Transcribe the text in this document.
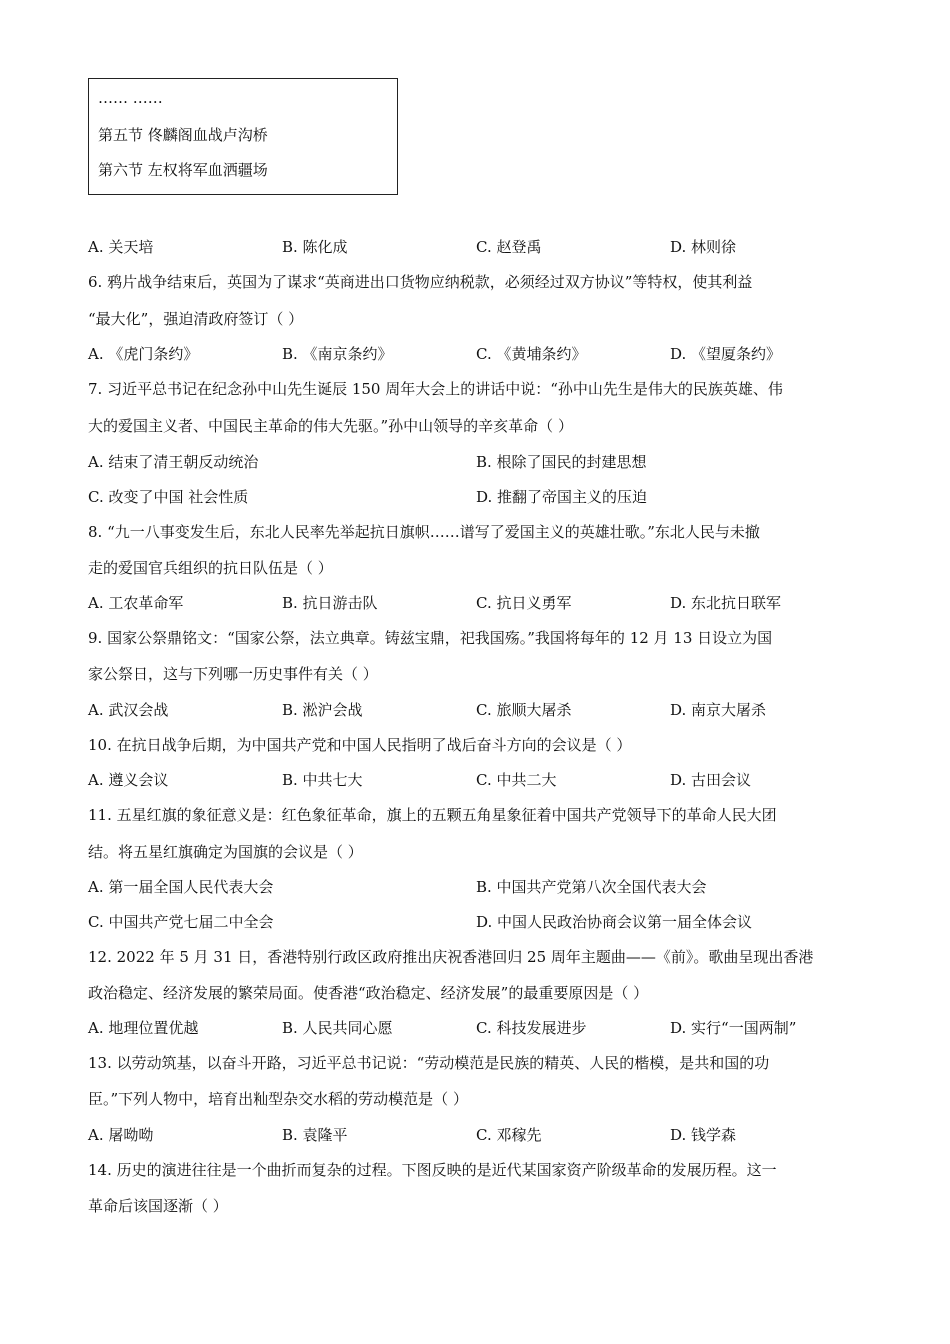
…… ……
第五节 佟麟阁血战卢沟桥
第六节 左权将军血洒疆场
A. 关天培	B. 陈化成	C. 赵登禹	D. 林则徐
6. 鸦片战争结束后，英国为了谋求“英商进出口货物应纳税款，必须经过双方协议”等特权，使其利益
“最大化”，强迫清政府签订（ ）
A. 《虎门条约》	B. 《南京条约》	C. 《黄埔条约》	D. 《望厦条约》
7. 习近平总书记在纪念孙中山先生诞辰 150 周年大会上的讲话中说：“孙中山先生是伟大的民族英雄、伟
大的爱国主义者、中国民主革命的伟大先驱。”孙中山领导的辛亥革命（ ）
A. 结束了清王朝反动统治	B. 根除了国民的封建思想
C. 改变了中国 社会性质	D. 推翻了帝国主义的压迫
8. “九一八事变发生后，东北人民率先举起抗日旗帜……谱写了爱国主义的英雄壮歌。”东北人民与未撤
走的爱国官兵组织的抗日队伍是（ ）
A. 工农革命军	B. 抗日游击队	C. 抗日义勇军	D. 东北抗日联军
9. 国家公祭鼎铭文：“国家公祭，法立典章。铸兹宝鼎，祀我国殇。”我国将每年的 12 月 13 日设立为国
家公祭日，这与下列哪一历史事件有关（ ）
A. 武汉会战	B. 淞沪会战	C. 旅顺大屠杀	D. 南京大屠杀
10. 在抗日战争后期，为中国共产党和中国人民指明了战后奋斗方向的会议是（ ）
A. 遵义会议	B. 中共七大	C. 中共二大	D. 古田会议
11. 五星红旗的象征意义是：红色象征革命，旗上的五颗五角星象征着中国共产党领导下的革命人民大团
结。将五星红旗确定为国旗的会议是（ ）
A. 第一届全国人民代表大会	B. 中国共产党第八次全国代表大会
C. 中国共产党七届二中全会	D. 中国人民政治协商会议第一届全体会议
12. 2022 年 5 月 31 日，香港特别行政区政府推出庆祝香港回归 25 周年主题曲——《前》。歌曲呈现出香港
政治稳定、经济发展的繁荣局面。使香港“政治稳定、经济发展”的最重要原因是（ ）
A. 地理位置优越	B. 人民共同心愿	C. 科技发展进步	D. 实行“一国两制”
13. 以劳动筑基，以奋斗开路，习近平总书记说：“劳动模范是民族的精英、人民的楷模，是共和国的功
臣。”下列人物中，培育出籼型杂交水稻的劳动模范是（ ）
A. 屠呦呦	B. 袁隆平	C. 邓稼先	D. 钱学森
14. 历史的演进往往是一个曲折而复杂的过程。下图反映的是近代某国家资产阶级革命的发展历程。这一
革命后该国逐渐（ ）
